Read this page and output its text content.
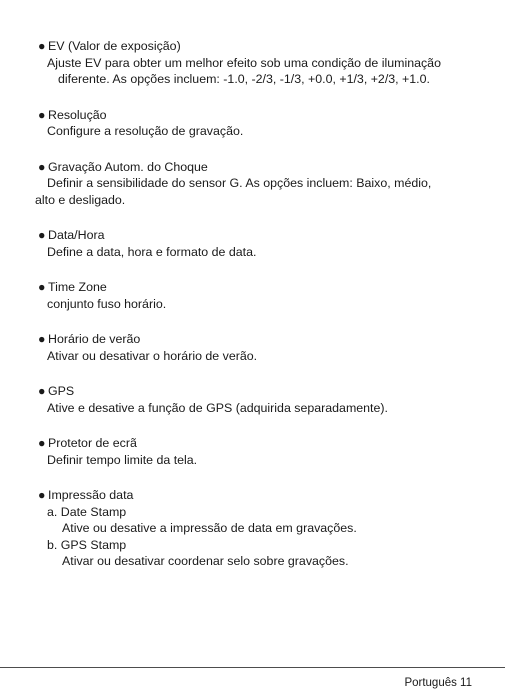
● EV (Valor de exposição)

Ajuste EV para obter um melhor efeito sob uma condição de iluminação

diferente. As opções incluem: -1.0, -2/3, -1/3, +0.0, +1/3, +2/3, +1.0.

● Resolução

Configure a resolução de gravação.

● Gravação Autom. do Choque

Definir a sensibilidade do sensor G. As opções incluem: Baixo, médio,

alto e desligado.

● Data/Hora

Define a data, hora e formato de data.

● Time Zone

conjunto fuso horário.

● Horário de verão

Ativar ou desativar o horário de verão.

● GPS

Ative e desative a função de GPS (adquirida separadamente).

● Protetor de ecrã

Definir tempo limite da tela.

● Impressão data

a. Date Stamp

Ative ou desative a impressão de data em gravações.

b. GPS Stamp

Ativar ou desativar coordenar selo sobre gravações.

Português 11
